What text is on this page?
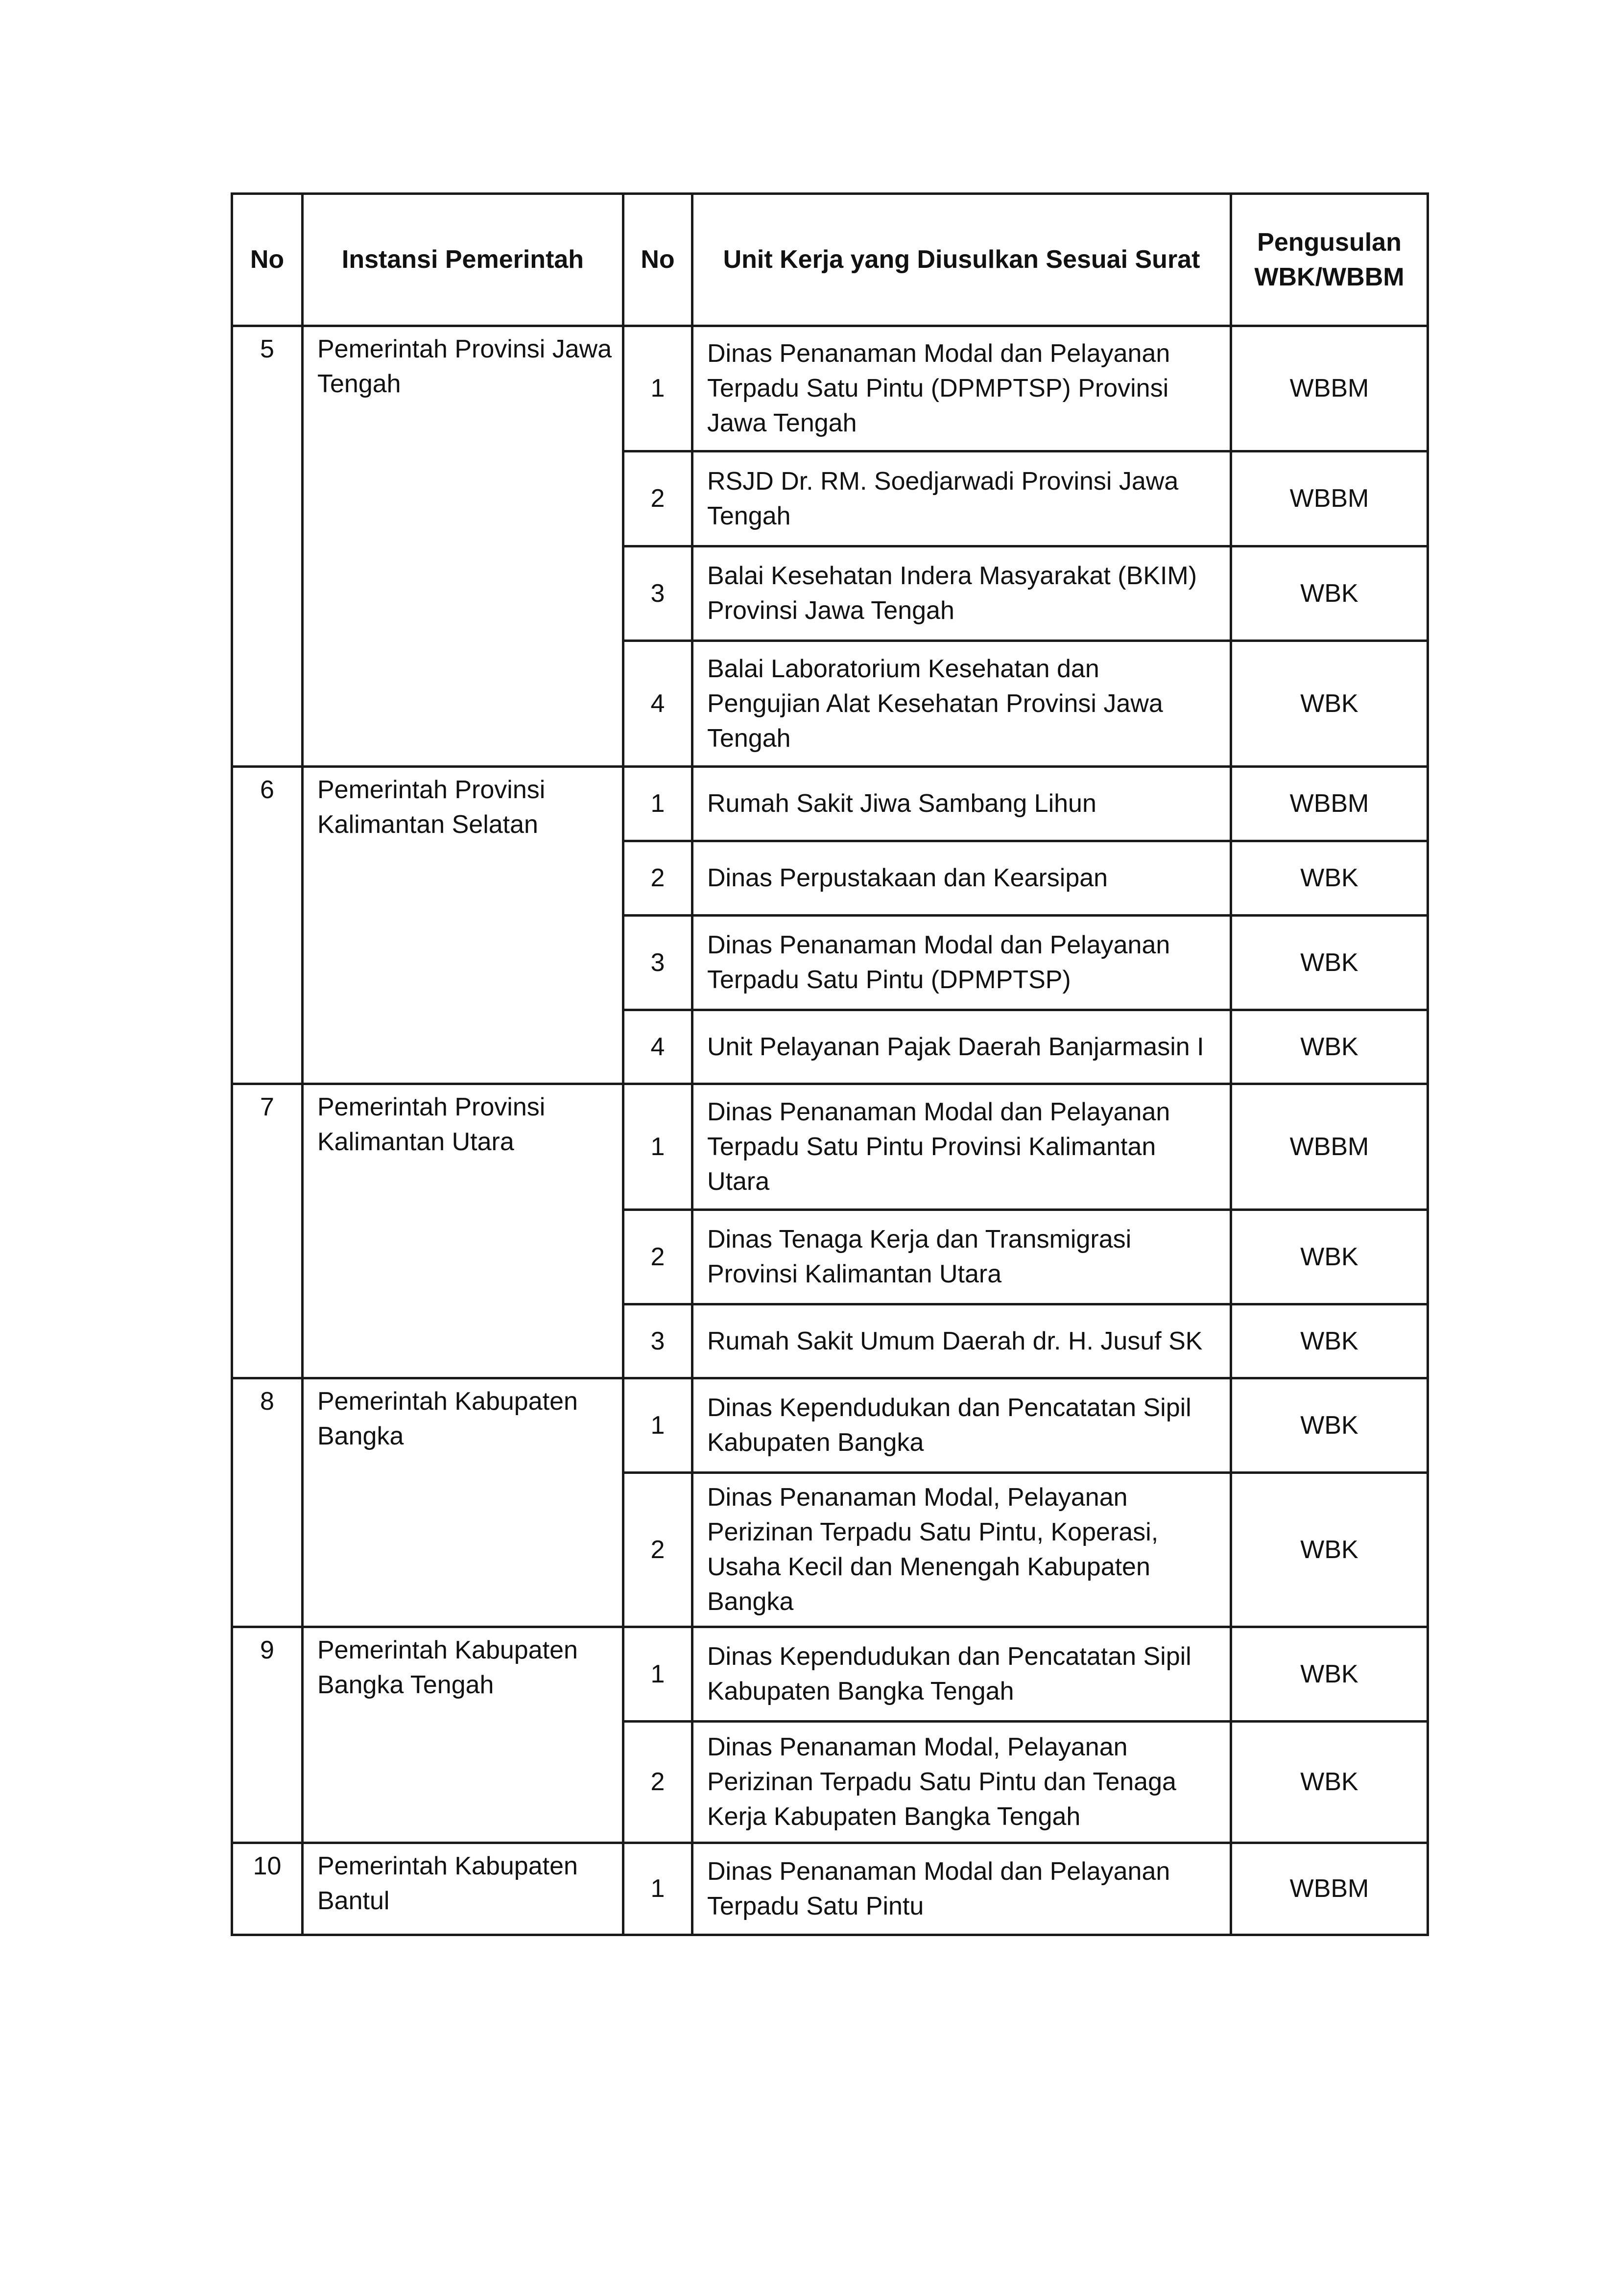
No	Instansi Pemerintah	No	Unit Kerja yang Diusulkan Sesuai Surat	Pengusulan WBK/WBBM
5	Pemerintah Provinsi Jawa Tengah	1	Dinas Penanaman Modal dan Pelayanan Terpadu Satu Pintu (DPMPTSP) Provinsi Jawa Tengah	WBBM
		2	RSJD Dr. RM. Soedjarwadi Provinsi Jawa Tengah	WBBM
		3	Balai Kesehatan Indera Masyarakat (BKIM) Provinsi Jawa Tengah	WBK
		4	Balai Laboratorium Kesehatan dan Pengujian Alat Kesehatan Provinsi Jawa Tengah	WBK
6	Pemerintah Provinsi Kalimantan Selatan	1	Rumah Sakit Jiwa Sambang Lihun	WBBM
		2	Dinas Perpustakaan dan Kearsipan	WBK
		3	Dinas Penanaman Modal dan Pelayanan Terpadu Satu Pintu (DPMPTSP)	WBK
		4	Unit Pelayanan Pajak Daerah Banjarmasin I	WBK
7	Pemerintah Provinsi Kalimantan Utara	1	Dinas Penanaman Modal dan Pelayanan Terpadu Satu Pintu Provinsi Kalimantan Utara	WBBM
		2	Dinas Tenaga Kerja dan Transmigrasi Provinsi Kalimantan Utara	WBK
		3	Rumah Sakit Umum Daerah dr. H. Jusuf SK	WBK
8	Pemerintah Kabupaten Bangka	1	Dinas Kependudukan dan Pencatatan Sipil Kabupaten Bangka	WBK
		2	Dinas Penanaman Modal, Pelayanan Perizinan Terpadu Satu Pintu, Koperasi, Usaha Kecil dan Menengah Kabupaten Bangka	WBK
9	Pemerintah Kabupaten Bangka Tengah	1	Dinas Kependudukan dan Pencatatan Sipil Kabupaten Bangka Tengah	WBK
		2	Dinas Penanaman Modal, Pelayanan Perizinan Terpadu Satu Pintu dan Tenaga Kerja Kabupaten Bangka Tengah	WBK
10	Pemerintah Kabupaten Bantul	1	Dinas Penanaman Modal dan Pelayanan Terpadu Satu Pintu	WBBM
